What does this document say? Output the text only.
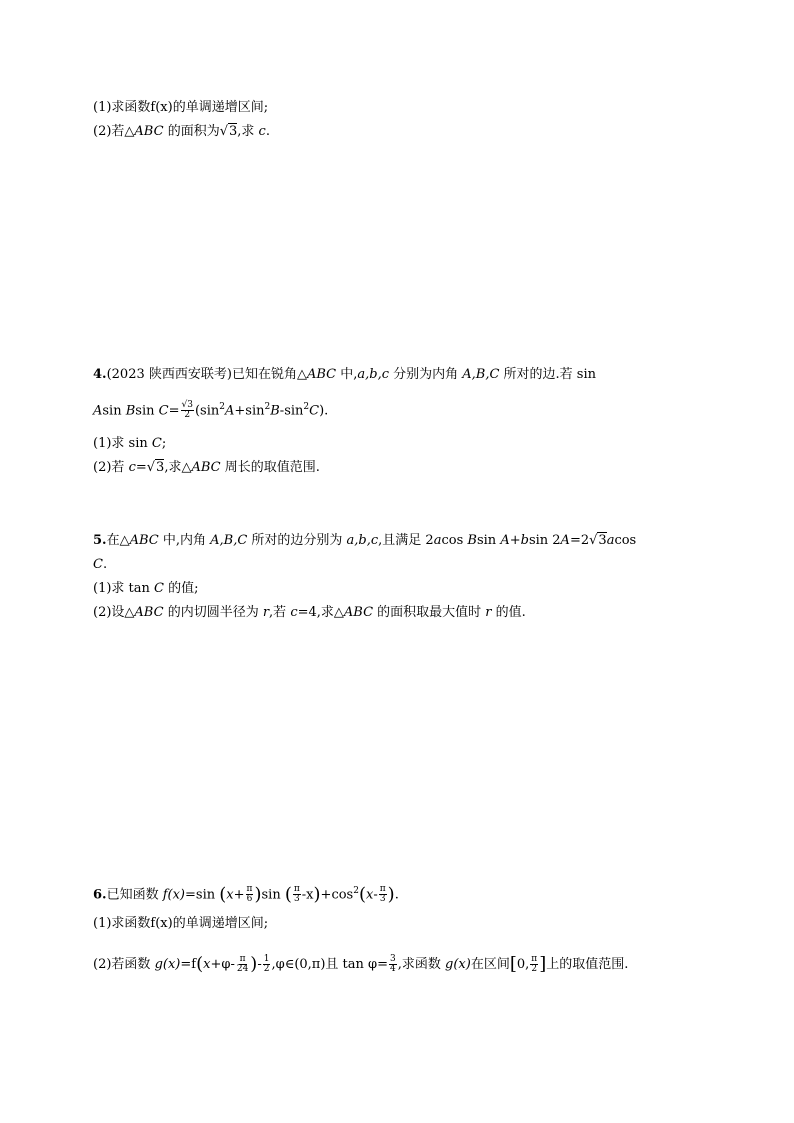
(1)求函数f(x)的单调递增区间;
(2)若△ABC 的面积为√3,求 c.
4.(2023 陕西西安联考)已知在锐角△ABC 中,a,b,c 分别为内角 A,B,C 所对的边.若 sin
Asin Bsin $C= \frac{√3}{2} (\sin^2A+\sin^2B-\sin^2C)$.
(1)求 sin C;
(2)若 c=√3,求△ABC 周长的取值范围.
5.在△ABC 中,内角 A,B,C 所对的边分别为 a,b,c,且满足 2acos Bsin A+bsin 2A=2√3acos
C.
(1)求 tan C 的值;
(2)设△ABC 的内切圆半径为 r,若 c=4,求△ABC 的面积取最大值时 r 的值.
6.已知函数 f(x)=sin $(x+ \frac{\pi}{6} )\sin$ ( $\frac{\pi}{3} -x)+\cos^2(x- \frac{\pi}{3}$ ).
(1)求函数f(x)的单调递增区间;
(2)若函数 $g(x)=f(x+\varphi- \frac{\pi}{24}$ )- $\frac{1}{2}$ ,φ∈(0,π)且 $\tan \varphi= \frac{3}{4}$ ,求函数 g(x)在区间[0, $\frac{\pi}{2}$ ]上的取值范围.
